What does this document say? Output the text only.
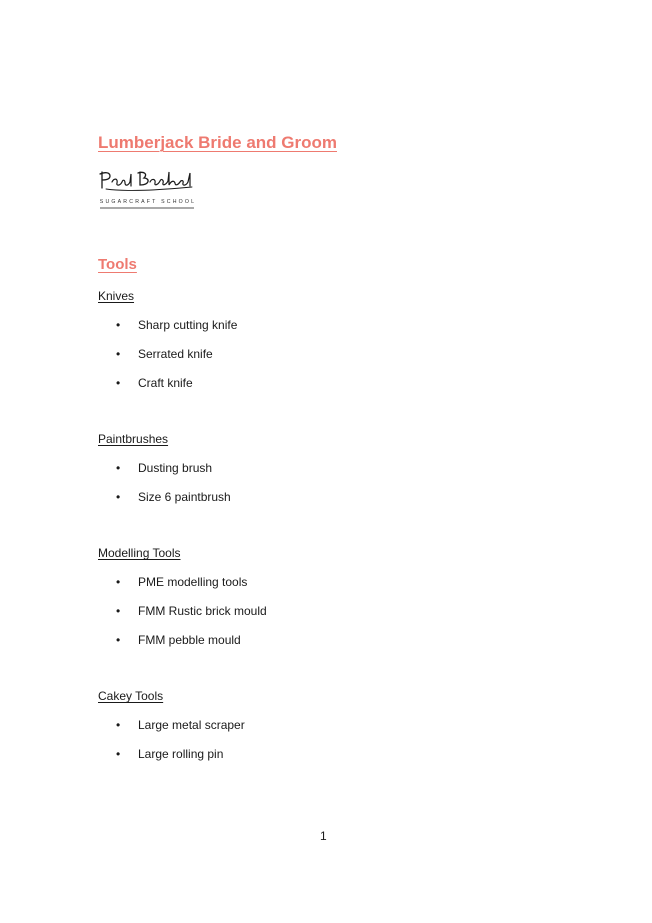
Lumberjack Bride and Groom
SUGARCRAFT SCHOOL
Tools
Knives
•	Sharp cutting knife
•	Serrated knife
•	Craft knife
Paintbrushes
•	Dusting brush
•	Size 6 paintbrush
Modelling Tools
•	PME modelling tools
•	FMM Rustic brick mould
•	FMM pebble mould
Cakey Tools
•	Large metal scraper
•	Large rolling pin
1
